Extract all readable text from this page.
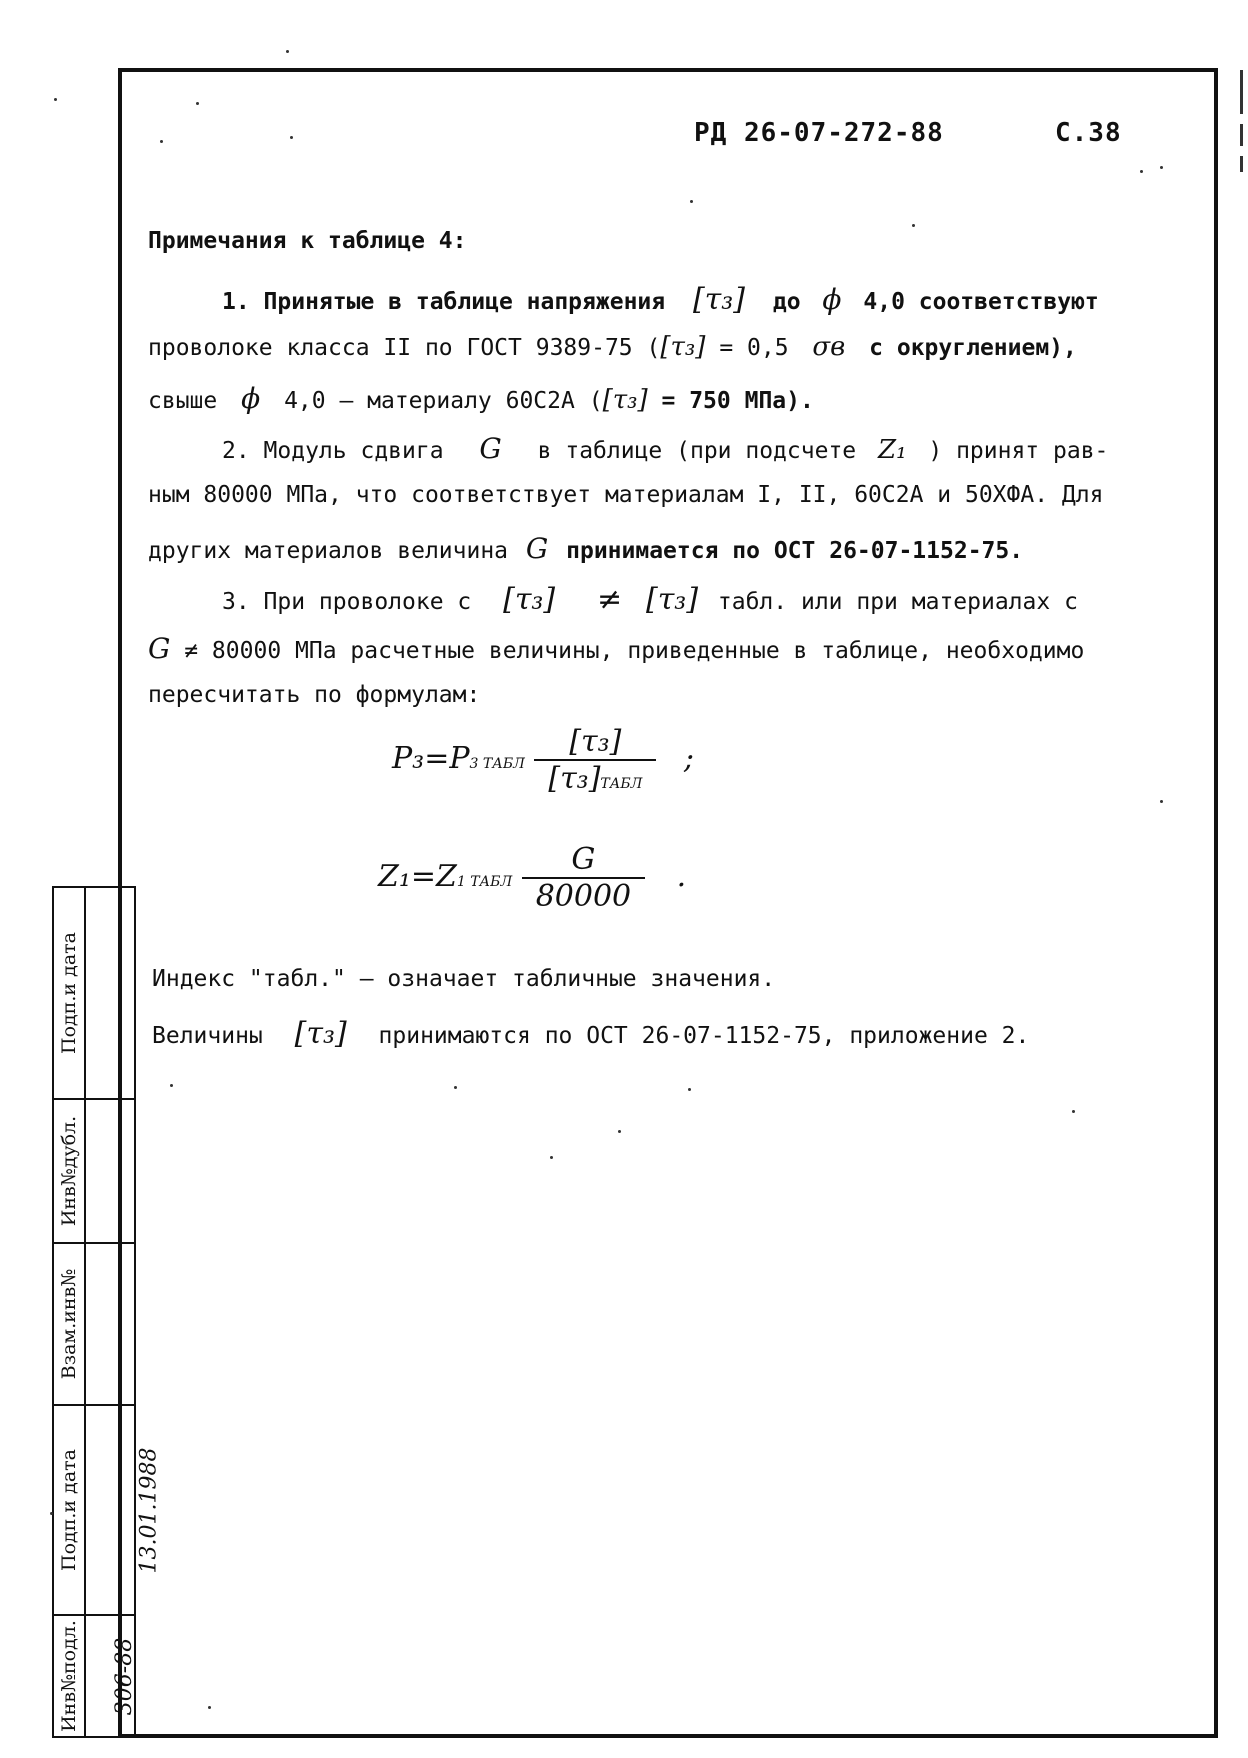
РД 26-07-272-88	С.38
Примечания к таблице 4:
1. Принятые в таблице напряжения [τ₃] до ϕ 4,0 соответствуют
проволоке класса II по ГОСТ 9389-75 ([τ₃] = 0,5 σв с округлением),
свыше ϕ 4,0 – материалу 60С2А ([τ₃] = 750 МПа).
2. Модуль сдвига G в таблице (при подсчете Z₁ ) принят рав-
ным 80000 МПа, что соответствует материалам I, II, 60С2А и 50ХФА. Для
других материалов величина G принимается по ОСТ 26-07-1152-75.
3. При проволоке с [τ₃] ≠ [τ₃] табл. или при материалах с
G ≠ 80000 МПа расчетные величины, приведенные в таблице, необходимо
пересчитать по формулам:
P₃=P3 ТАБЛ $\frac{\text{[τ₃]}}{\text{[τ₃]ТАБЛ}}$ ;
Z₁=Z1 ТАБЛ $\frac{G}{80000}$ .
Индекс "табл." – означает табличные значения.
Величины [τ₃] принимаются по ОСТ 26-07-1152-75, приложение 2.
Подп.и дата
Инв№дубл.
Взам.инв№
Подп.и дата	13.01.1988
Инв№подл. 306-88
